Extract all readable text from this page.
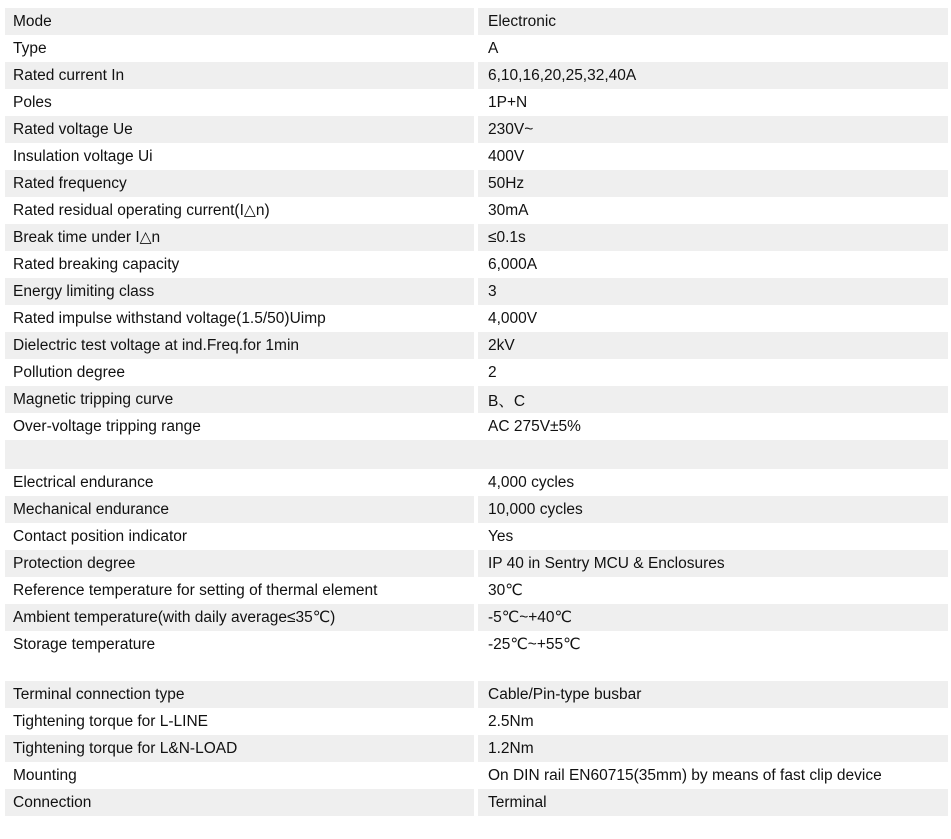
Mode	Electronic
Type	A
Rated current In	6,10,16,20,25,32,40A
Poles	1P+N
Rated voltage Ue	230V~
Insulation voltage Ui	400V
Rated frequency	50Hz
Rated residual operating current(I△n)	30mA
Break time under I△n	≤0.1s
Rated breaking capacity	6,000A
Energy limiting class	3
Rated impulse withstand voltage(1.5/50)Uimp	4,000V
Dielectric test voltage at ind.Freq.for 1min	2kV
Pollution degree	2
Magnetic tripping curve	B、C
Over-voltage tripping range	AC 275V±5%
Electrical endurance	4,000 cycles
Mechanical endurance	10,000 cycles
Contact position indicator	Yes
Protection degree	IP 40 in Sentry MCU & Enclosures
Reference temperature for setting of thermal element	30℃
Ambient temperature(with daily average≤35℃)	-5℃~+40℃
Storage temperature	-25℃~+55℃
Terminal connection type	Cable/Pin-type busbar
Tightening torque for L-LINE	2.5Nm
Tightening torque for L&N-LOAD	1.2Nm
Mounting	On DIN rail EN60715(35mm) by means of fast clip device
Connection	Terminal
